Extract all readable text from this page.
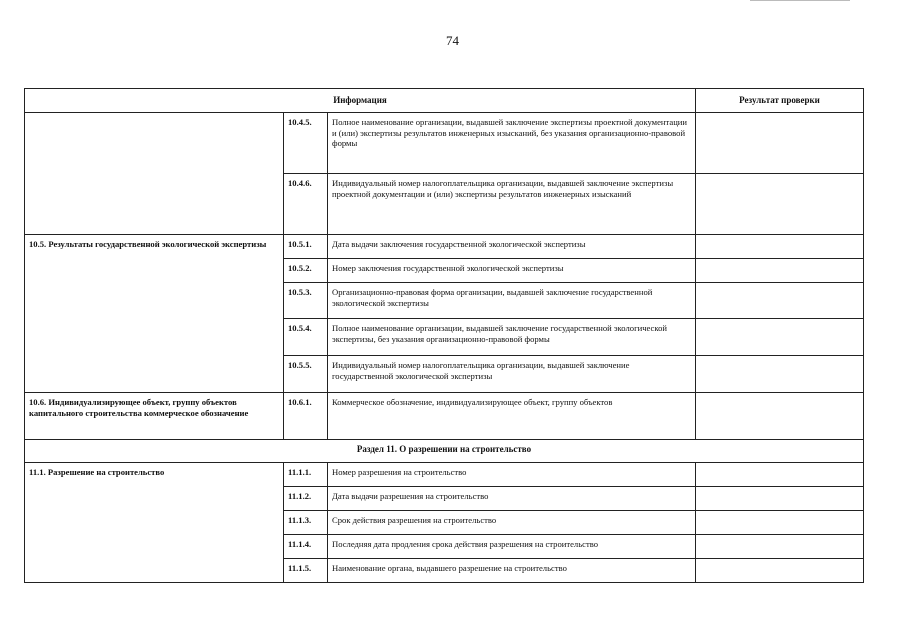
74
Информация			Результат проверки
	10.4.5.	Полное наименование организации, выдавшей заключение экспертизы проектной документации и (или) экспертизы результатов инженерных изысканий, без указания организационно-правовой формы	
	10.4.6.	Индивидуальный номер налогоплательщика организации, выдавшей заключение экспертизы проектной документации и (или) экспертизы результатов инженерных изысканий	
10.5. Результаты государственной экологической экспертизы	10.5.1.	Дата выдачи заключения государственной экологической экспертизы	
	10.5.2.	Номер заключения государственной экологической экспертизы	
	10.5.3.	Организационно-правовая форма организации, выдавшей заключение государственной экологической экспертизы	
	10.5.4.	Полное наименование организации, выдавшей заключение государственной экологической экспертизы, без указания организационно-правовой формы	
	10.5.5.	Индивидуальный номер налогоплательщика организации, выдавшей заключение государственной экологической экспертизы	
10.6. Индивидуализирующее объект, группу объектов капитального строительства коммерческое обозначение	10.6.1.	Коммерческое обозначение, индивидуализирующее объект, группу объектов	
Раздел 11. О разрешении на строительство			
11.1. Разрешение на строительство	11.1.1.	Номер разрешения на строительство	
	11.1.2.	Дата выдачи разрешения на строительство	
	11.1.3.	Срок действия разрешения на строительство	
	11.1.4.	Последняя дата продления срока действия разрешения на строительство	
	11.1.5.	Наименование органа, выдавшего разрешение на строительство	
